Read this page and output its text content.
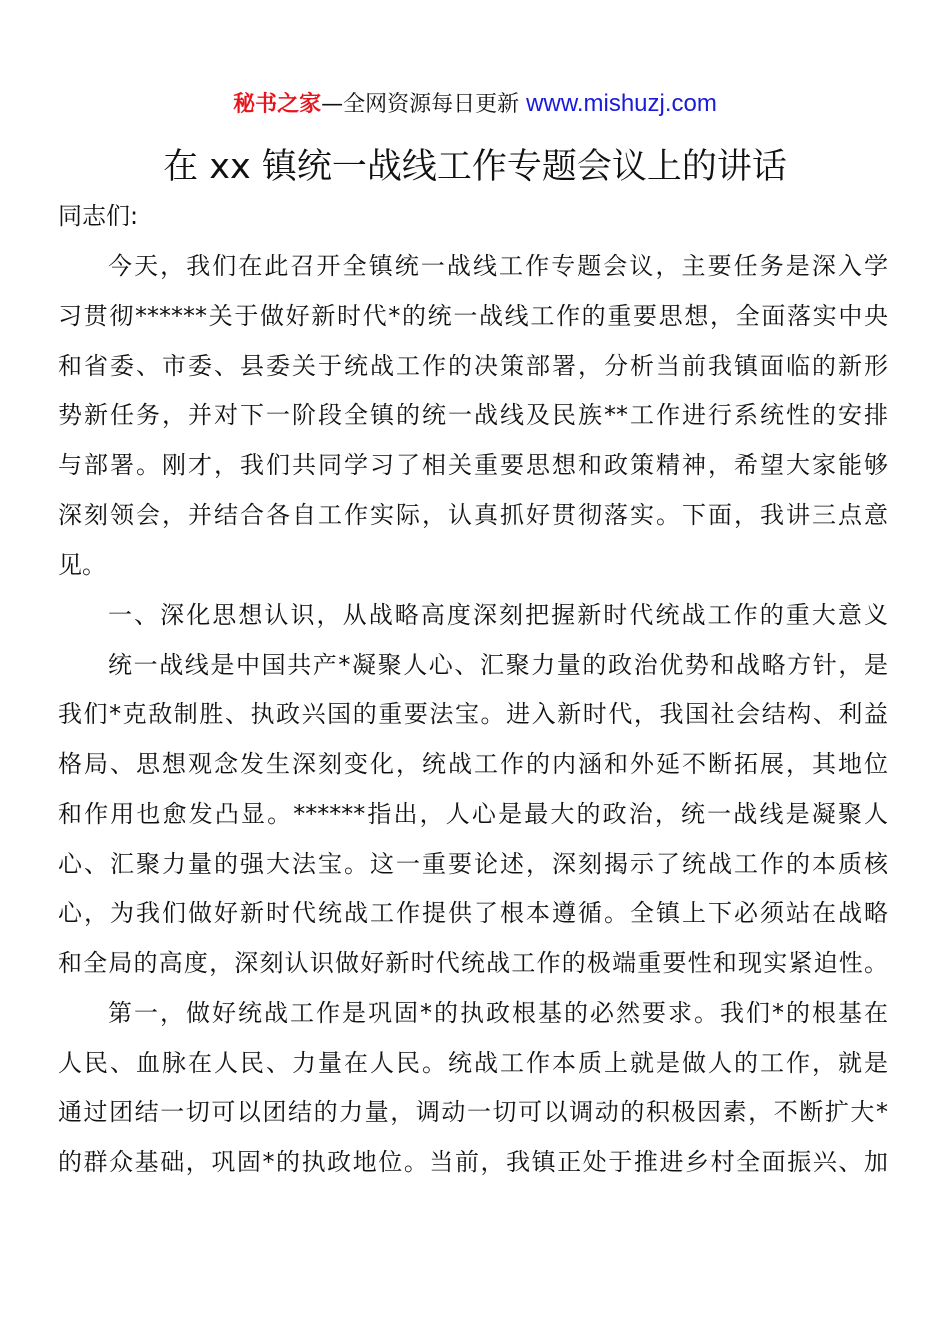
秘书之家—全网资源每日更新 www.mishuzj.com
在 xx 镇统一战线工作专题会议上的讲话
同志们:
今天，我们在此召开全镇统一战线工作专题会议，主要任务是深入学
习贯彻******关于做好新时代*的统一战线工作的重要思想，全面落实中央
和省委、市委、县委关于统战工作的决策部署，分析当前我镇面临的新形
势新任务，并对下一阶段全镇的统一战线及民族**工作进行系统性的安排
与部署。刚才，我们共同学习了相关重要思想和政策精神，希望大家能够
深刻领会，并结合各自工作实际，认真抓好贯彻落实。下面，我讲三点意
见。
一、深化思想认识，从战略高度深刻把握新时代统战工作的重大意义
统一战线是中国共产*凝聚人心、汇聚力量的政治优势和战略方针，是
我们*克敌制胜、执政兴国的重要法宝。进入新时代，我国社会结构、利益
格局、思想观念发生深刻变化，统战工作的内涵和外延不断拓展，其地位
和作用也愈发凸显。******指出，人心是最大的政治，统一战线是凝聚人
心、汇聚力量的强大法宝。这一重要论述，深刻揭示了统战工作的本质核
心，为我们做好新时代统战工作提供了根本遵循。全镇上下必须站在战略
和全局的高度，深刻认识做好新时代统战工作的极端重要性和现实紧迫性。
第一，做好统战工作是巩固*的执政根基的必然要求。我们*的根基在
人民、血脉在人民、力量在人民。统战工作本质上就是做人的工作，就是
通过团结一切可以团结的力量，调动一切可以调动的积极因素，不断扩大*
的群众基础，巩固*的执政地位。当前，我镇正处于推进乡村全面振兴、加
